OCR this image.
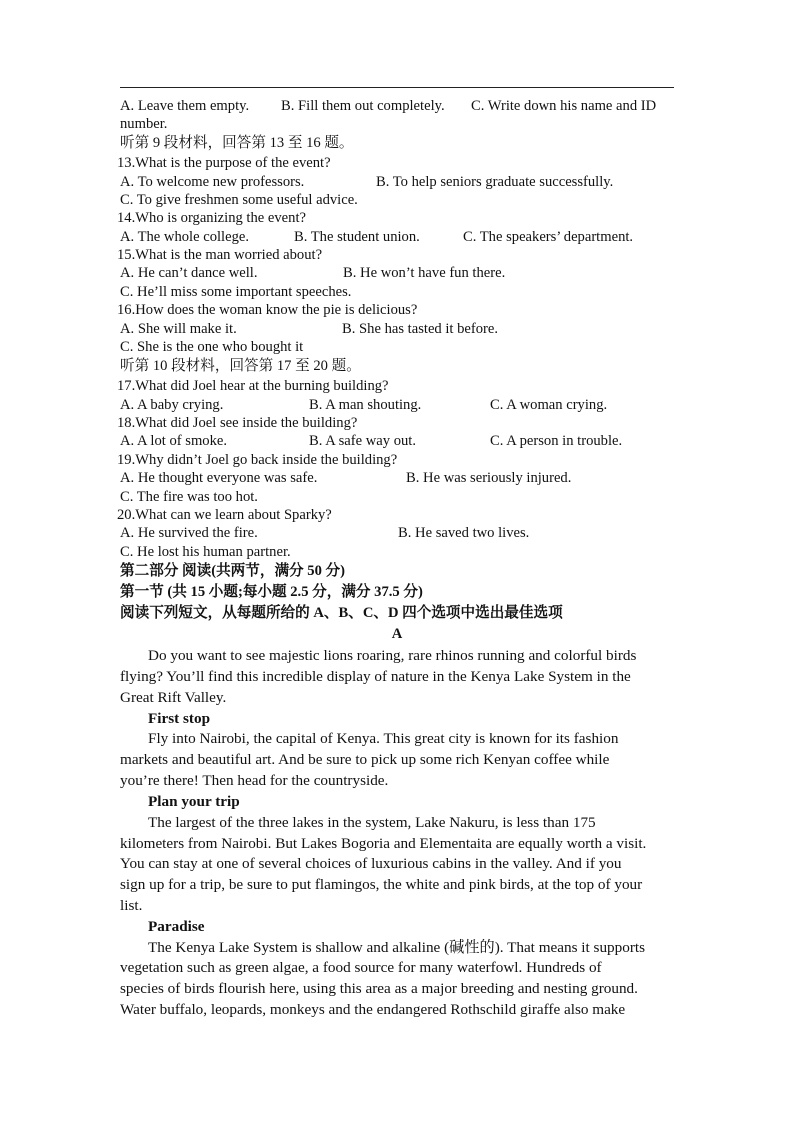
A. Leave them empty. B. Fill them out completely. C. Write down his name and ID
number.
听第 9 段材料，回答第 13 至 16 题。
13.What is the purpose of the event?
A. To welcome new professors.	B. To help seniors graduate successfully.
C. To give freshmen some useful advice.
14.Who is organizing the event?
A. The whole college.	B. The student union.	C. The speakers’ department.
15.What is the man worried about?
A. He can’t dance well.	B. He won’t have fun there.
C. He’ll miss some important speeches.
16.How does the woman know the pie is delicious?
A. She will make it.	B. She has tasted it before.
C. She is the one who bought it
听第 10 段材料，回答第 17 至 20 题。
17.What did Joel hear at the burning building?
A. A baby crying.	B. A man shouting.	C. A woman crying.
18.What did Joel see inside the building?
A. A lot of smoke.	B. A safe way out.	C. A person in trouble.
19.Why didn’t Joel go back inside the building?
A. He thought everyone was safe.	B. He was seriously injured.
C. The fire was too hot.
20.What can we learn about Sparky?
A. He survived the fire.	B. He saved two lives.
C. He lost his human partner.
第二部分 阅读(共两节，满分 50 分)
第一节 (共 15 小题;每小题 2.5 分，满分 37.5 分)
阅读下列短文，从每题所给的 A、B、C、D 四个选项中选出最佳选项
A
Do you want to see majestic lions roaring, rare rhinos running and colorful birds
flying? You’ll find this incredible display of nature in the Kenya Lake System in the
Great Rift Valley.
First stop
Fly into Nairobi, the capital of Kenya. This great city is known for its fashion
markets and beautiful art. And be sure to pick up some rich Kenyan coffee while
you’re there! Then head for the countryside.
Plan your trip
The largest of the three lakes in the system, Lake Nakuru, is less than 175
kilometers from Nairobi. But Lakes Bogoria and Elementaita are equally worth a visit.
You can stay at one of several choices of luxurious cabins in the valley. And if you
sign up for a trip, be sure to put flamingos, the white and pink birds, at the top of your
list.
Paradise
The Kenya Lake System is shallow and alkaline (碱性的). That means it supports
vegetation such as green algae, a food source for many waterfowl. Hundreds of
species of birds flourish here, using this area as a major breeding and nesting ground.
Water buffalo, leopards, monkeys and the endangered Rothschild giraffe also make
